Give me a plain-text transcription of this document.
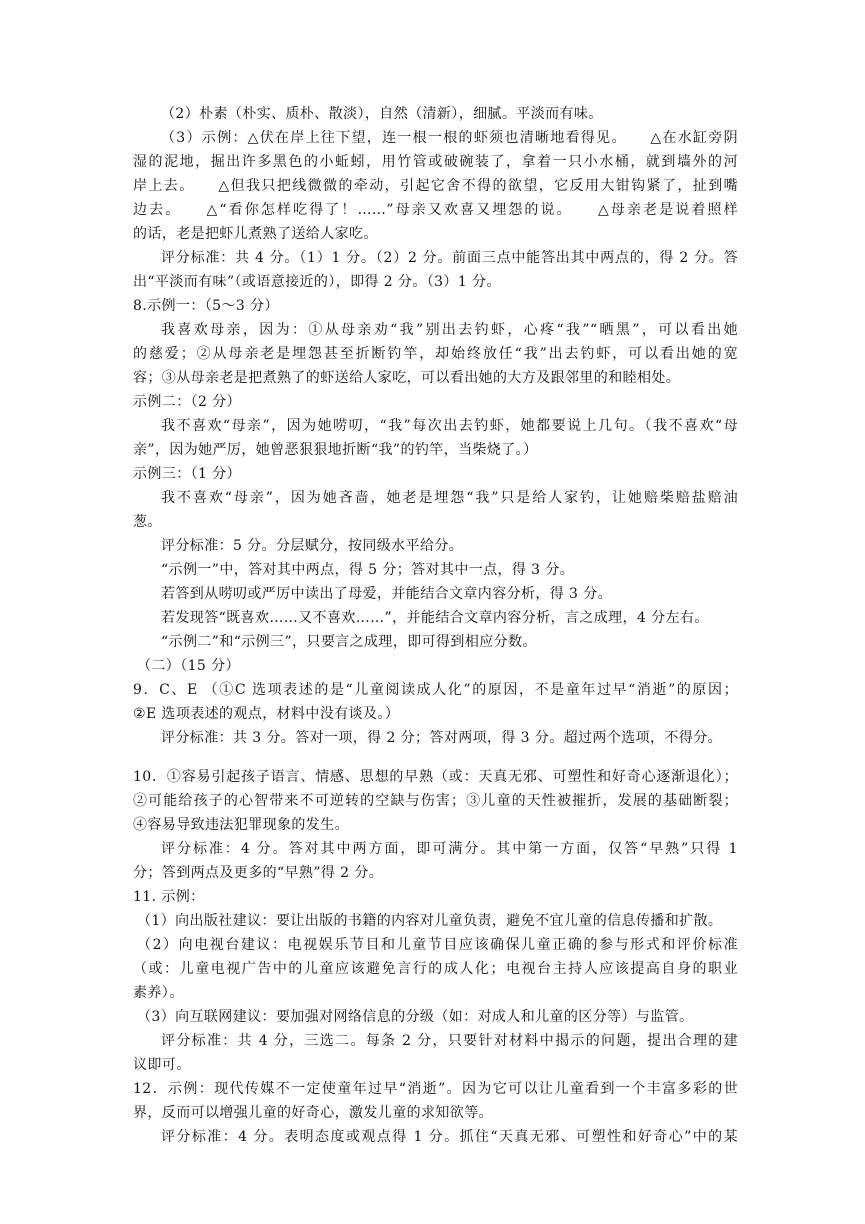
（2）朴素（朴实、质朴、散淡），自然（清新），细腻。平淡而有味。
（3）示例：△伏在岸上往下望，连一根一根的虾须也清晰地看得见。　　△在水缸旁阴
湿的泥地，掘出许多黑色的小蚯蚓，用竹管或破碗装了，拿着一只小水桶，就到墙外的河
岸上去。　　△但我只把线微微的牵动，引起它舍不得的欲望，它反用大钳钩紧了，扯到嘴
边去。　　△“看你怎样吃得了！……”母亲又欢喜又埋怨的说。　　△母亲老是说着照样
的话，老是把虾儿煮熟了送给人家吃。
评分标准：共 4 分。（1）1 分。（2）2 分。前面三点中能答出其中两点的，得 2 分。答
出“平淡而有味”（或语意接近的），即得 2 分。（3）1 分。
8.示例一：（5～3 分）
我喜欢母亲，因为：①从母亲劝“我”别出去钓虾，心疼“我”“晒黑”，可以看出她
的慈爱；②从母亲老是埋怨甚至折断钓竿，却始终放任“我”出去钓虾，可以看出她的宽
容；③从母亲老是把煮熟了的虾送给人家吃，可以看出她的大方及跟邻里的和睦相处。
示例二：（2 分）
我不喜欢“母亲”，因为她唠叨，“我”每次出去钓虾，她都要说上几句。（我不喜欢“母
亲”，因为她严厉，她曾恶狠狠地折断“我”的钓竿，当柴烧了。）
示例三：（1 分）
我不喜欢“母亲”，因为她吝啬，她老是埋怨“我”只是给人家钓，让她赔柴赔盐赔油
葱。
评分标准：5 分。分层赋分，按同级水平给分。
“示例一”中，答对其中两点，得 5 分；答对其中一点，得 3 分。
若答到从唠叨或严厉中读出了母爱，并能结合文章内容分析，得 3 分。
若发现答“既喜欢……又不喜欢……”，并能结合文章内容分析，言之成理，4 分左右。
“示例二”和“示例三”，只要言之成理，即可得到相应分数。
（二）（15 分）
9．C、E （①C 选项表述的是“儿童阅读成人化”的原因，不是童年过早“消逝”的原因；
②E 选项表述的观点，材料中没有谈及。）
评分标准：共 3 分。答对一项，得 2 分；答对两项，得 3 分。超过两个选项，不得分。
10．①容易引起孩子语言、情感、思想的早熟（或：天真无邪、可塑性和好奇心逐渐退化）；
②可能给孩子的心智带来不可逆转的空缺与伤害；③儿童的天性被摧折，发展的基础断裂；
④容易导致违法犯罪现象的发生。
评分标准：4 分。答对其中两方面，即可满分。其中第一方面，仅答“早熟”只得 1
分；答到两点及更多的“早熟”得 2 分。
11. 示例：
（1）向出版社建议：要让出版的书籍的内容对儿童负责，避免不宜儿童的信息传播和扩散。
（2）向电视台建议：电视娱乐节目和儿童节目应该确保儿童正确的参与形式和评价标准
（或：儿童电视广告中的儿童应该避免言行的成人化；电视台主持人应该提高自身的职业
素养）。
（3）向互联网建议：要加强对网络信息的分级（如：对成人和儿童的区分等）与监管。
评分标准：共 4 分，三选二。每条 2 分，只要针对材料中揭示的问题，提出合理的建
议即可。
12．示例：现代传媒不一定使童年过早“消逝”。因为它可以让儿童看到一个丰富多彩的世
界，反而可以增强儿童的好奇心，激发儿童的求知欲等。
评分标准：4 分。表明态度或观点得 1 分。抓住“天真无邪、可塑性和好奇心”中的某
